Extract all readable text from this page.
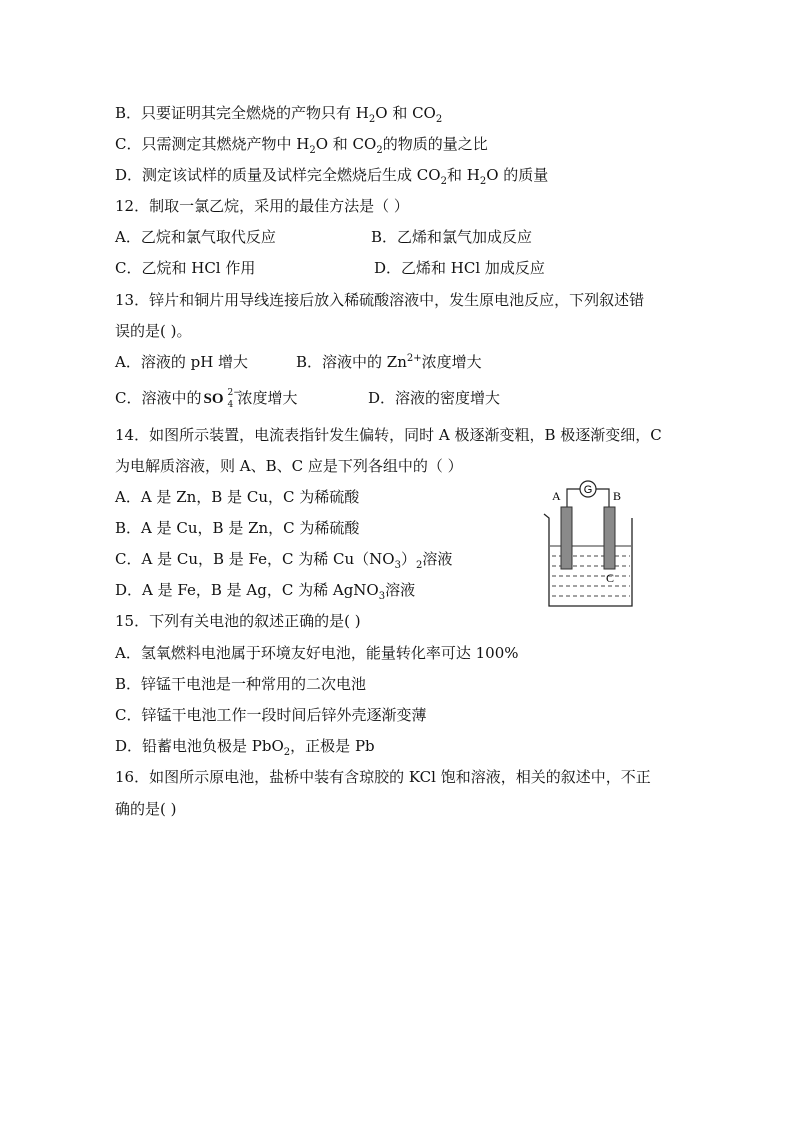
B．只要证明其完全燃烧的产物只有 $H_2O$ 和 $CO_2$
C．只需测定其燃烧产物中 $H_2O$ 和 $CO_2$的物质的量之比
D．测定该试样的质量及试样完全燃烧后生成 $CO_2$和 $H_2O$ 的质量
12．制取一氯乙烷，采用的最佳方法是（ ）
A．乙烷和氯气取代反应	B．乙烯和氯气加成反应
C．乙烷和 HCl 作用	D．乙烯和 HCl 加成反应
13．锌片和铜片用导线连接后放入稀硫酸溶液中，发生原电池反应，下列叙述错
误的是( )。
A．溶液的 pH 增大	B．溶液中的 $Zn^{2+}$浓度增大
C．溶液中的 SO 2−
4 浓度增大	D．溶液的密度增大
14．如图所示装置，电流表指针发生偏转，同时 A 极逐渐变粗，B 极逐渐变细，C
为电解质溶液，则 A、B、C 应是下列各组中的（ ）
A．A 是 Zn，B 是 Cu，C 为稀硫酸
B．A 是 Cu，B 是 Zn，C 为稀硫酸
C．A 是 Cu，B 是 Fe，C 为稀 $Cu(NO_3)_2$溶液
D．A 是 Fe，B 是 Ag，C 为稀 AgNO$_3$溶液
G
A	B
C
15．下列有关电池的叙述正确的是( )
A．氢氧燃料电池属于环境友好电池，能量转化率可达 100%
B．锌锰干电池是一种常用的二次电池
C．锌锰干电池工作一段时间后锌外壳逐渐变薄
D．铅蓄电池负极是 PbO$_2$，正极是 Pb
16．如图所示原电池，盐桥中装有含琼胶的 KCl 饱和溶液，相关的叙述中，不正
确的是( )
